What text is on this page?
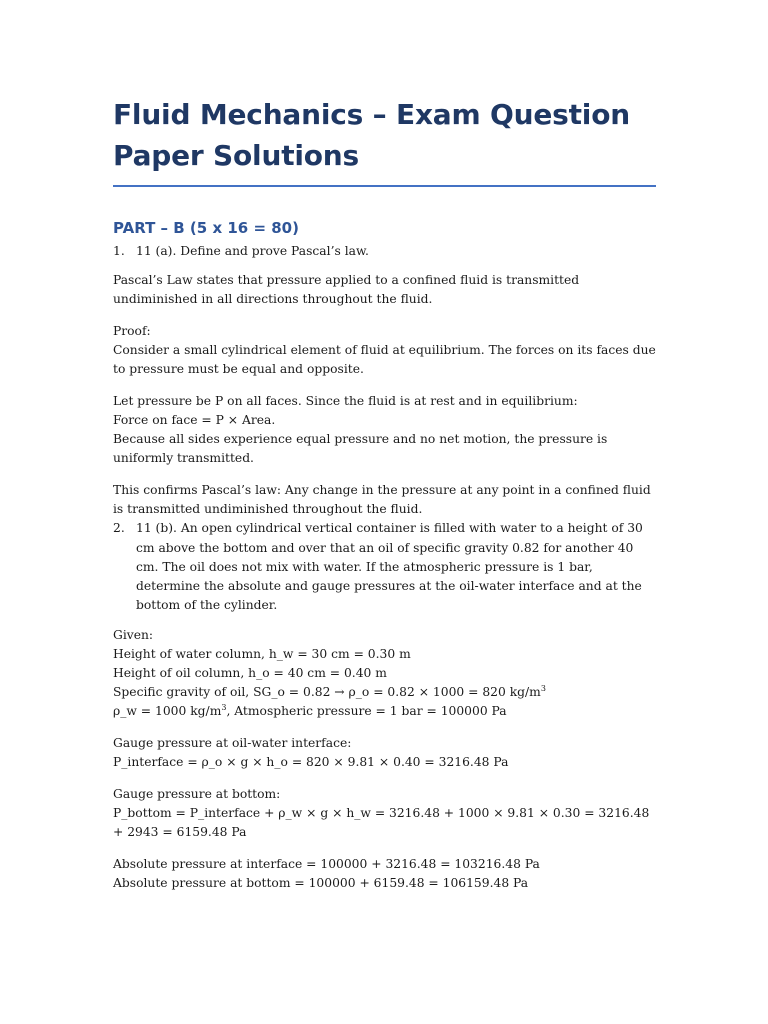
Fluid Mechanics – Exam Question Paper Solutions
PART – B (5 x 16 = 80)

1. 11 (a). Define and prove Pascal’s law.

Pascal’s Law states that pressure applied to a confined fluid is transmitted undiminished in all directions throughout the fluid.

Proof:
Consider a small cylindrical element of fluid at equilibrium. The forces on its faces due to pressure must be equal and opposite.

Let pressure be P on all faces. Since the fluid is at rest and in equilibrium:
Force on face = P × Area.
Because all sides experience equal pressure and no net motion, the pressure is uniformly transmitted.

This confirms Pascal’s law: Any change in the pressure at any point in a confined fluid is transmitted undiminished throughout the fluid.

2. 11 (b). An open cylindrical vertical container is filled with water to a height of 30 cm above the bottom and over that an oil of specific gravity 0.82 for another 40 cm. The oil does not mix with water. If the atmospheric pressure is 1 bar, determine the absolute and gauge pressures at the oil-water interface and at the bottom of the cylinder.

Given:
Height of water column, h_w = 30 cm = 0.30 m
Height of oil column, h_o = 40 cm = 0.40 m
Specific gravity of oil, SG_o = 0.82 → ρ_o = 0.82 × 1000 = 820 $kg/m^3$
ρ_w = 1000 $kg/m^3$, Atmospheric pressure = 1 bar = 100000 Pa

Gauge pressure at oil-water interface:
P_interface = ρ_o × g × h_o = 820 × 9.81 × 0.40 = 3216.48 Pa

Gauge pressure at bottom:
P_bottom = P_interface + ρ_w × g × h_w = 3216.48 + 1000 × 9.81 × 0.30 = 3216.48 + 2943 = 6159.48 Pa

Absolute pressure at interface = 100000 + 3216.48 = 103216.48 Pa
Absolute pressure at bottom = 100000 + 6159.48 = 106159.48 Pa
